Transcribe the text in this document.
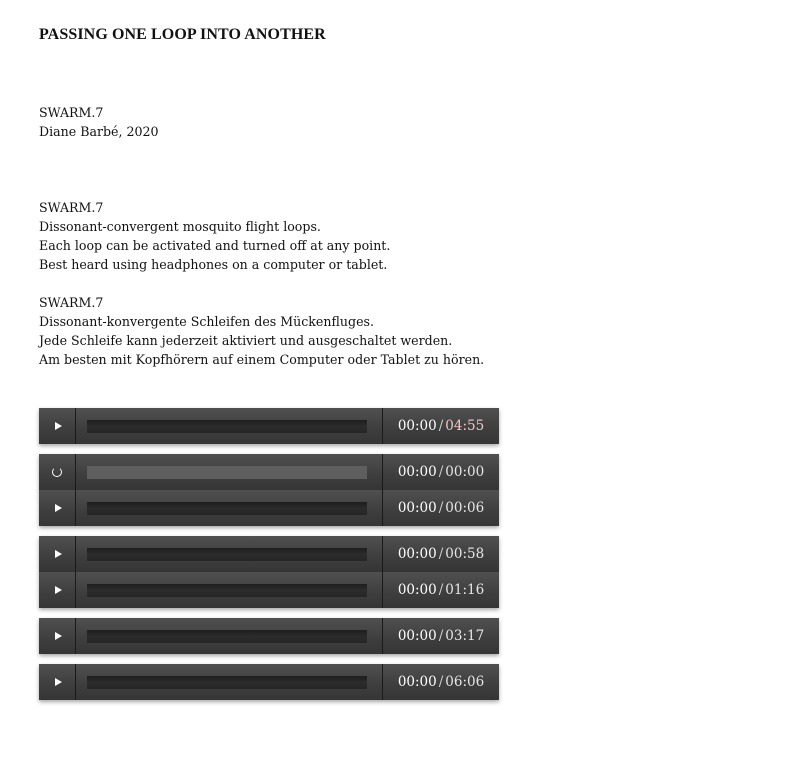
PASSING ONE LOOP INTO ANOTHER
SWARM.7
Diane Barbé, 2020
SWARM.7
Dissonant-convergent mosquito flight loops.
Each loop can be activated and turned off at any point.
Best heard using headphones on a computer or tablet.
SWARM.7
Dissonant-konvergente Schleifen des Mückenfluges.
Jede Schleife kann jederzeit aktiviert und ausgeschaltet werden.
Am besten mit Kopfhörern auf einem Computer oder Tablet zu hören.
00:00 / 04:55
00:00 / 00:00
00:00 / 00:06
00:00 / 00:58
00:00 / 01:16
00:00 / 03:17
00:00 / 06:06
